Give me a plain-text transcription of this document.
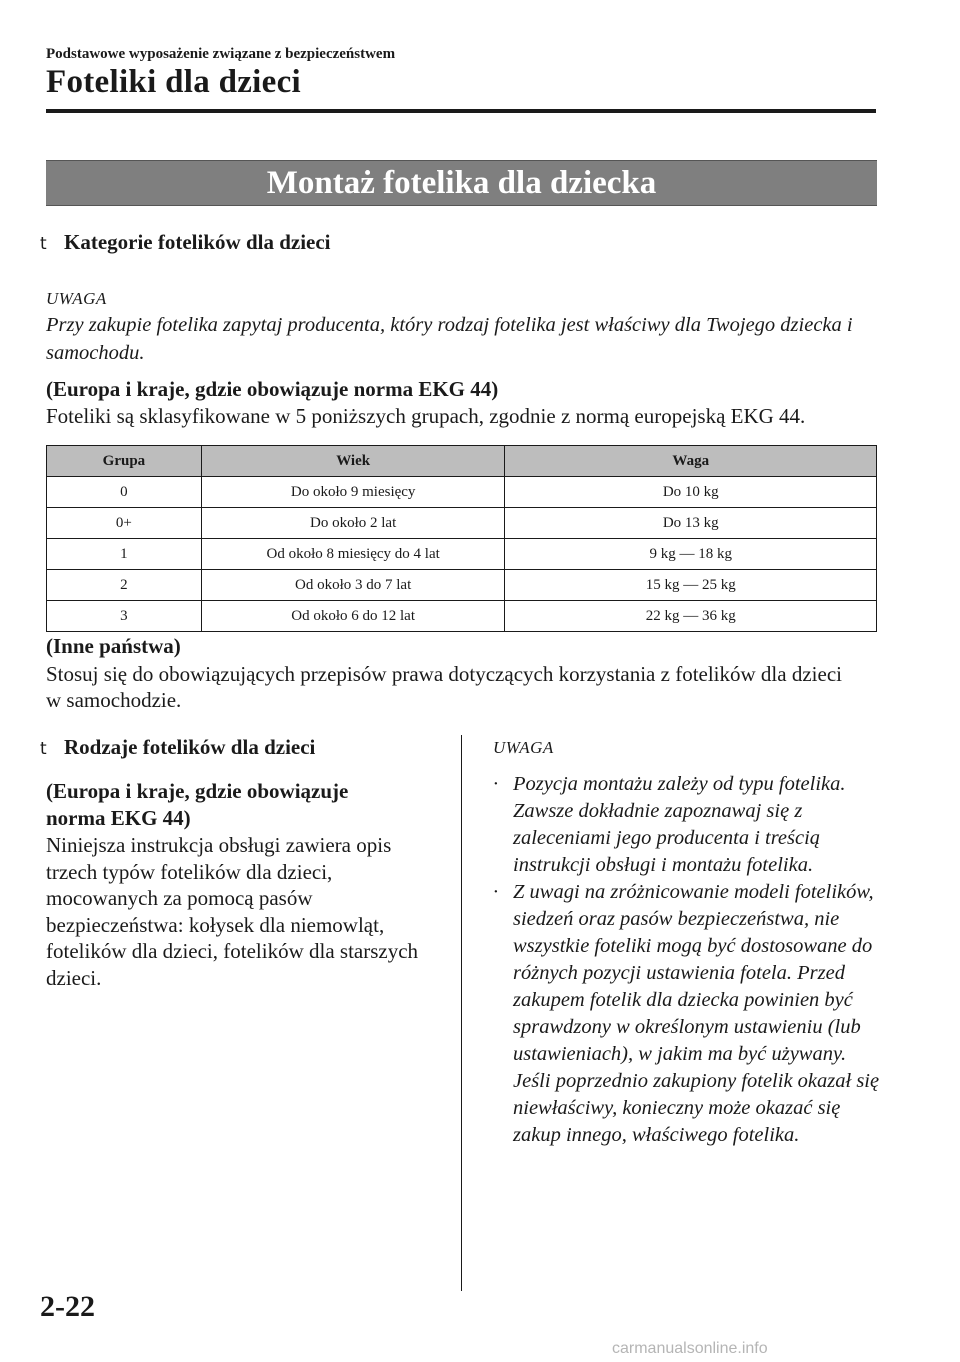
Podstawowe wyposażenie związane z bezpieczeństwem
Foteliki dla dzieci
Montaż fotelika dla dziecka
t Kategorie fotelików dla dzieci
UWAGA
Przy zakupie fotelika zapytaj producenta, który rodzaj fotelika jest właściwy dla Twojego dziecka i samochodu.
(Europa i kraje, gdzie obowiązuje norma EKG 44)
Foteliki są sklasyfikowane w 5 poniższych grupach, zgodnie z normą europejską EKG 44.
Grupa	Wiek	Waga
0	Do około 9 miesięcy	Do 10 kg
0+	Do około 2 lat	Do 13 kg
1	Od około 8 miesięcy do 4 lat	9 kg — 18 kg
2	Od około 3 do 7 lat	15 kg — 25 kg
3	Od około 6 do 12 lat	22 kg — 36 kg
(Inne państwa)
Stosuj się do obowiązujących przepisów prawa dotyczących korzystania z fotelików dla dzieci w samochodzie.
t Rodzaje fotelików dla dzieci
(Europa i kraje, gdzie obowiązuje norma EKG 44)
Niniejsza instrukcja obsługi zawiera opis trzech typów fotelików dla dzieci, mocowanych za pomocą pasów bezpieczeństwa: kołysek dla niemowląt, fotelików dla dzieci, fotelików dla starszych dzieci.
UWAGA
· Pozycja montażu zależy od typu fotelika. Zawsze dokładnie zapoznawaj się z zaleceniami jego producenta i treścią instrukcji obsługi i montażu fotelika.
· Z uwagi na zróżnicowanie modeli fotelików, siedzeń oraz pasów bezpieczeństwa, nie wszystkie foteliki mogą być dostosowane do różnych pozycji ustawienia fotela. Przed zakupem fotelik dla dziecka powinien być sprawdzony w określonym ustawieniu (lub ustawieniach), w jakim ma być używany. Jeśli poprzednio zakupiony fotelik okazał się niewłaściwy, konieczny może okazać się zakup innego, właściwego fotelika.
2-22
carmanualsonline.info
